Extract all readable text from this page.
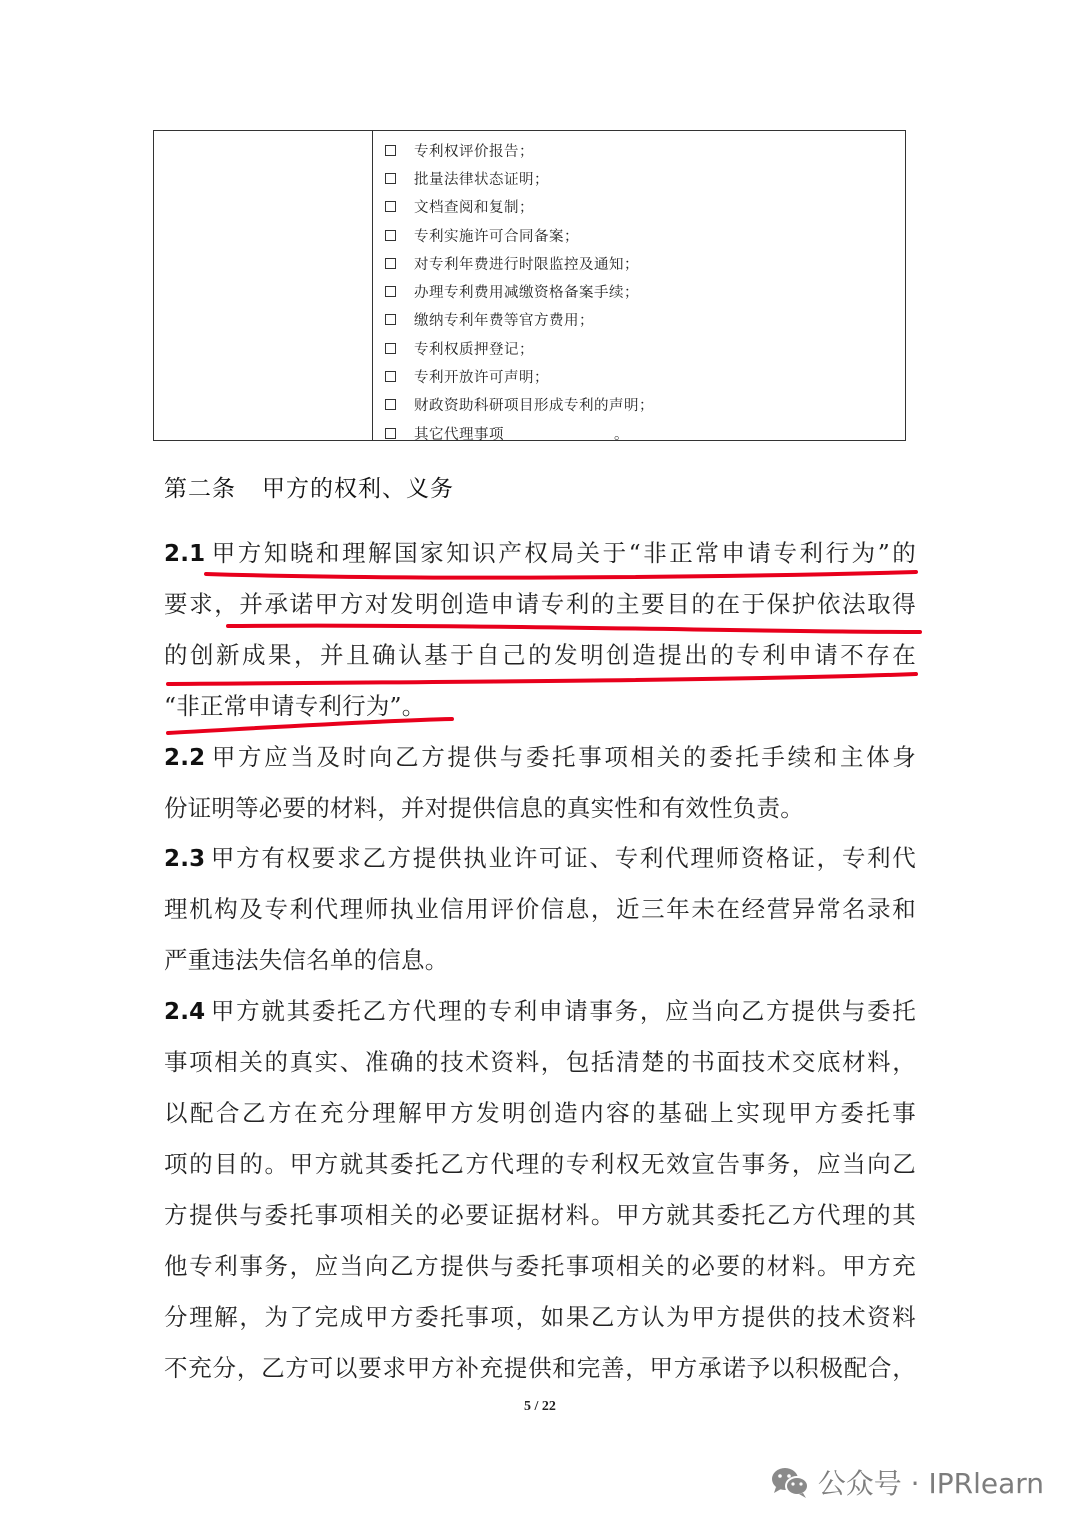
专利权评价报告；
批量法律状态证明；
文档查阅和复制；
专利实施许可合同备案；
对专利年费进行时限监控及通知；
办理专利费用减缴资格备案手续；
缴纳专利年费等官方费用；
专利权质押登记；
专利开放许可声明；
财政资助科研项目形成专利的声明；
其它代理事项	。
第二条 甲方的权利、义务
2.1 甲方知晓和理解国家知识产权局关于“非正常申请专利行为”的
要求，并承诺甲方对发明创造申请专利的主要目的在于保护依法取得
的创新成果，并且确认基于自己的发明创造提出的专利申请不存在
“非正常申请专利行为”。
2.2 甲方应当及时向乙方提供与委托事项相关的委托手续和主体身
份证明等必要的材料，并对提供信息的真实性和有效性负责。
2.3 甲方有权要求乙方提供执业许可证、专利代理师资格证，专利代
理机构及专利代理师执业信用评价信息，近三年未在经营异常名录和
严重违法失信名单的信息。
2.4 甲方就其委托乙方代理的专利申请事务，应当向乙方提供与委托
事项相关的真实、准确的技术资料，包括清楚的书面技术交底材料，
以配合乙方在充分理解甲方发明创造内容的基础上实现甲方委托事
项的目的。甲方就其委托乙方代理的专利权无效宣告事务，应当向乙
方提供与委托事项相关的必要证据材料。甲方就其委托乙方代理的其
他专利事务，应当向乙方提供与委托事项相关的必要的材料。甲方充
分理解，为了完成甲方委托事项，如果乙方认为甲方提供的技术资料
不充分，乙方可以要求甲方补充提供和完善，甲方承诺予以积极配合，
5 / 22
公众号 · IPRlearn
